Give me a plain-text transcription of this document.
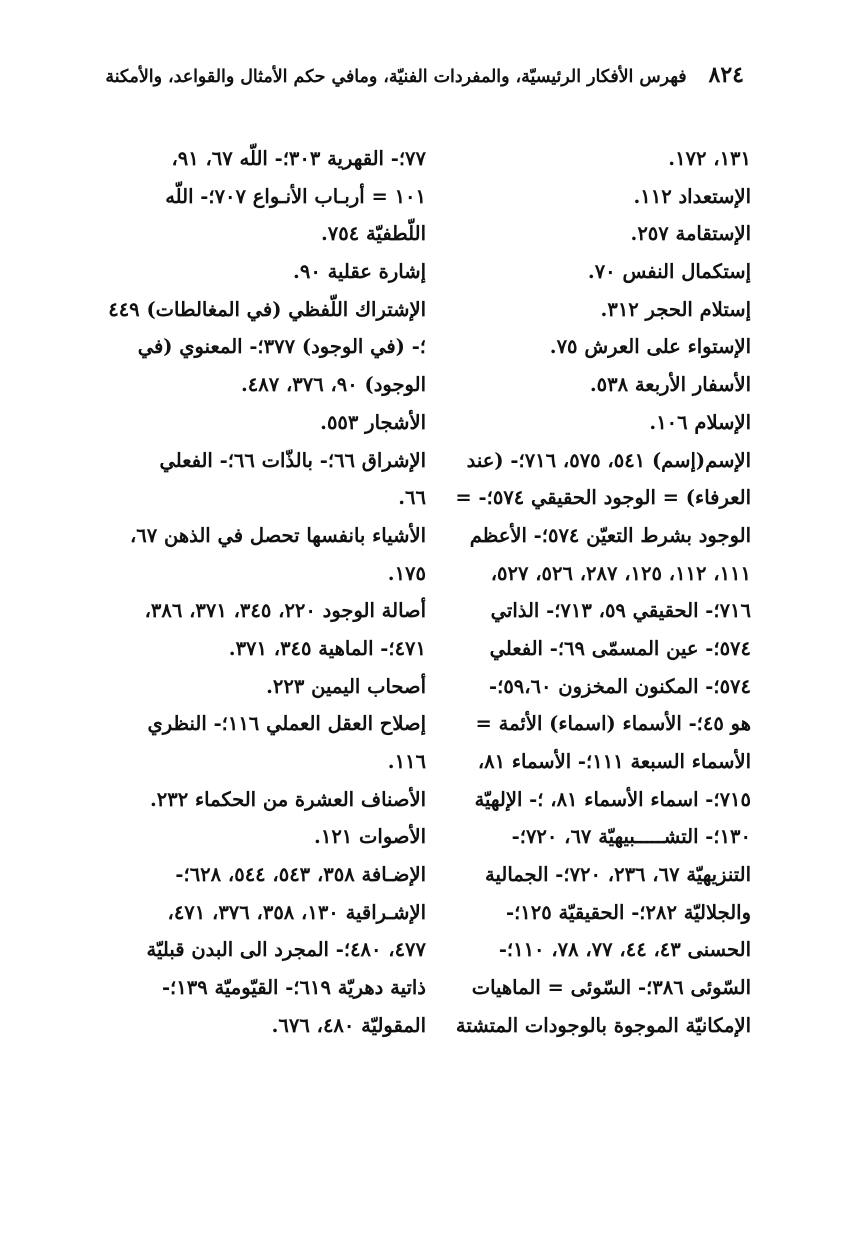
٨٢٤
فهرس الأفكار الرئيسيّة، والمفردات الفنيّة، ومافي حكم الأمثال والقواعد، والأمكنة
١٣١، ١٧٢.
الإستعداد ١١٢.
الإستقامة ٢٥٧.
إستكمال النفس ٧٠.
إستلام الحجر ٣١٢.
الإستواء على العرش ٧٥.
الأسفار الأربعة ٥٣٨.
الإسلام ١٠٦.
الإسم(إسم) ٥٤١، ٥٧٥، ٧١٦؛- (عند
العرفاء) = الوجود الحقيقي ٥٧٤؛- =
الوجود بشرط التعيّن ٥٧٤؛- الأعظم
١١١، ١١٢، ١٢٥، ٢٨٧، ٥٢٦، ٥٢٧،
٧١٦؛- الحقيقي ٥٩، ٧١٣؛- الذاتي
٥٧٤؛- عين المسمّى ٦٩؛- الفعلي
٥٧٤؛- المكنون المخزون ٥٩،٦٠؛-
هو ٤٥؛- الأسماء (اسماء) الأئمة =
الأسماء السبعة ١١١؛- الأسماء ٨١،
٧١٥؛- اسماء الأسماء ٨١، ؛- الإلهيّة
١٣٠؛- التشـــــبيهيّة ٦٧، ٧٢٠؛-
التنزيهيّة ٦٧، ٢٣٦، ٧٢٠؛- الجمالية
والجلاليّة ٢٨٢؛- الحقيقيّة ١٢٥؛-
الحسنى ٤٣، ٤٤، ٧٧، ٧٨، ١١٠؛-
السّوئى ٣٨٦؛- السّوئى = الماهيات
الإمكانيّة الموجوة بالوجودات المتشتة
٧٧؛- القهرية ٣٠٣؛- اللّه ٦٧، ٩١،
١٠١ = أربـاب الأنـواع ٧٠٧؛- اللّه
اللّطفيّة ٧٥٤.
إشارة عقلية ٩٠.
الإشتراك اللّفظي (في المغالطات) ٤٤٩
؛- (في الوجود) ٣٧٧؛- المعنوي (في
الوجود) ٩٠، ٣٧٦، ٤٨٧.
الأشجار ٥٥٣.
الإشراق ٦٦؛- بالذّات ٦٦؛- الفعلي
٦٦.
الأشياء بانفسها تحصل في الذهن ٦٧،
١٧٥.
أصالة الوجود ٢٢٠، ٣٤٥، ٣٧١، ٣٨٦،
٤٧١؛- الماهية ٣٤٥، ٣٧١.
أصحاب اليمين ٢٢٣.
إصلاح العقل العملي ١١٦؛- النظري
١١٦.
الأصناف العشرة من الحكماء ٢٣٢.
الأصوات ١٢١.
الإضـافة ٣٥٨، ٥٤٣، ٥٤٤، ٦٢٨؛-
الإشـراقية ١٣٠، ٣٥٨، ٣٧٦، ٤٧١،
٤٧٧، ٤٨٠؛- المجرد الى البدن قبليّة
ذاتية دهريّة ٦١٩؛- القيّوميّة ١٣٩؛-
المقوليّة ٤٨٠، ٦٧٦.
